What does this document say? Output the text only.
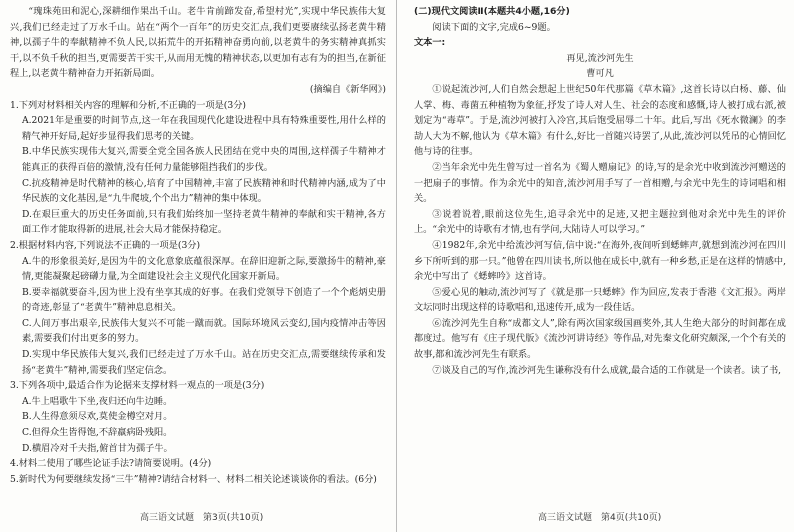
“瑰珠苑田和泥心,深耕细作果出千山。老牛肯前蹄发奋,希望村光”,实现中华民族伟大复兴,我们已经走过了万水千山。站在“两个一百年”的历史交汇点,我们更要赓续弘扬老黄牛精神,以孺子牛的奉献精神不负人民,以拓荒牛的开拓精神奋勇向前,以老黄牛的务实精神真抓实干,以不负千秋的担当,更需要苦干实干,从而用无愧的精神状态,以更加有志有为的担当,在新征程上,以老黄牛精神奋力开拓新局面。

(摘编自《新华网》)

1.下列对材料相关内容的理解和分析,不正确的一项是(3分)

A.2021年是重要的时间节点,这一年在我国现代化建设进程中具有特殊重要性,用什么样的精气神开好局,起好步显得我们思考的关键。

B.中华民族实现伟大复兴,需要全党全国各族人民团结在党中央的周围,这样孺子牛精神才能真正的获得百倍的激情,没有任何力量能够阻挡我们的步伐。

C.抗疫精神是时代精神的核心,培育了中国精神,丰富了民族精神和时代精神内涵,成为了中华民族的文化基因,是“九牛爬坡,个个出力”精神的集中体现。

D.在艰巨重大的历史任务面前,只有我们始终加一坚持老黄牛精神的奉献和实干精神,各方面工作才能取得新的进展,社会大局才能保持稳定。

2.根据材料内容,下列说法不正确的一项是(3分)

A.牛的形象很美好,是因为牛的文化意象底蕴很深厚。在辞旧迎新之际,要激扬牛的精神,豪情,更能凝聚起磅礴力量,为全面建设社会主义现代化国家开新局。

B.要幸福就要奋斗,因为世上没有坐享其成的好事。在我们党领导下创造了一个个彪炳史册的奇迹,彰显了“老黄牛”精神息息相关。

C.人间万事出艰辛,民族伟大复兴不可能一蹴而就。国际环境风云变幻,国内疫情冲击等因素,需要我们付出更多的努力。

D.实现中华民族伟大复兴,我们已经走过了万水千山。站在历史交汇点,需要继续传承和发扬“老黄牛”精神,需要我们坚定信念。

3.下列各项中,最适合作为论据来支撑材料一观点的一项是(3分)

A.牛上唱歌牛下坐,夜归还向牛边睡。

B.人生得意须尽欢,莫使金樽空对月。

C.但得众生皆得饱,不辞羸病卧残阳。

D.横眉冷对千夫指,俯首甘为孺子牛。

4.材料二使用了哪些论证手法?请简要说明。(4分)

5.新时代为何要继续发扬“三牛”精神?请结合材料一、材料二相关论述谈谈你的看法。(6分)

(二)现代文阅读Ⅱ(本题共4小题,16分)

阅读下面的文字,完成6~9题。

文本一:

再见,流沙河先生

曹可凡

①说起流沙河,人们自然会想起上世纪50年代那篇《草木篇》,这首长诗以白杨、藤、仙人掌、梅、毒菌五种植物为象征,抒发了诗人对人生、社会的态度和感慨,诗人被打成右派,被划定为“毒草”。于是,流沙河被打入冷宫,其后饱受屈辱二十年。此后,写出《死水微澜》的李劼人大为不解,他认为《草木篇》有什么,好比一首随兴诗罢了,从此,流沙河以凭吊的心情回忆他与诗的往事。

②当年余光中先生曾写过一首名为《蜀人赠扇记》的诗,写的是余光中收到流沙河赠送的一把扇子的事情。作为余光中的知音,流沙河用手写了一首相赠,与余光中先生的诗词唱和相关。

③说着说着,眼前这位先生,追寻余光中的足迹,又把主题拉到他对余光中先生的评价上。“余光中的诗歌有才情,也有学问,大陆诗人可以学习。”

④1982年,余光中给流沙河写信,信中说:“在海外,夜间听到蟋蟀声,就想到流沙河在四川乡下所听到的那一只。”他曾在四川读书,所以他在成长中,就有一种乡愁,正是在这样的情感中,余光中写出了《蟋蟀吟》这首诗。

⑤爱心见的触动,流沙河写了《就是那一只蟋蟀》作为回应,发表于香港《文汇报》。两岸文坛同时出现这样的诗歌唱和,迅速传开,成为一段佳话。

⑥流沙河先生自称“成都文人”,除有两次国家级国画奖外,其人生绝大部分的时间都在成都度过。他写有《庄子现代版》《流沙河讲诗经》等作品,对先秦文化研究颇深,一个个有关的故事,都和流沙河先生有联系。

⑦谈及自己的写作,流沙河先生谦称没有什么成就,最合适的工作就是一个读者。读了书,

高三语文试题　第3页(共10页)	高三语文试题　第4页(共10页)
